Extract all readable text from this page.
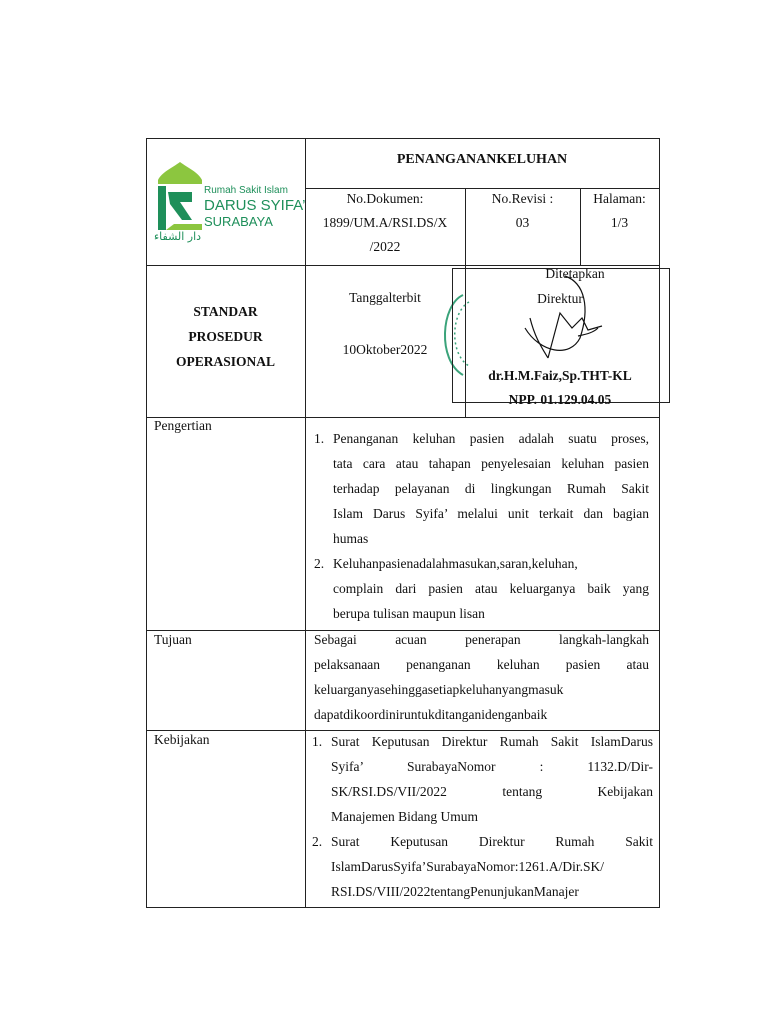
Rumah Sakit Islam
DARUS SYIFA’
SURABAYA
دار الشفاء
PENANGANANKELUHAN
No.Dokumen:
1899/UM.A/RSI.DS/X
/2022
No.Revisi :
03
Halaman:
1/3
STANDAR
PROSEDUR
OPERASIONAL
Tanggalterbit
10Oktober2022
Ditetapkan
Direktur
dr.H.M.Faiz,Sp.THT-KL
NPP. 01.129.04.05
Pengertian
1. Penanganan keluhan pasien adalah suatu proses,
tata cara atau tahapan penyelesaian keluhan pasien
terhadap pelayanan di lingkungan Rumah Sakit
Islam Darus Syifa’ melalui unit terkait dan bagian
humas
2. Keluhanpasienadalahmasukan,saran,keluhan,
complain dari pasien atau keluarganya baik yang
berupa tulisan maupun lisan
Tujuan	Sebagai acuan penerapan langkah-langkah
pelaksanaan penanganan keluhan pasien atau
keluarganyasehinggasetiapkeluhanyangmasuk
dapatdikoordiniruntukditanganidenganbaik
Kebijakan	1. Surat Keputusan Direktur Rumah Sakit IslamDarus
Syifa’ SurabayaNomor : 1132.D/Dir-
SK/RSI.DS/VII/2022 tentang Kebijakan
Manajemen Bidang Umum
2. Surat Keputusan Direktur Rumah Sakit
IslamDarusSyifa’SurabayaNomor:1261.A/Dir.SK/
RSI.DS/VIII/2022tentangPenunjukanManajer
